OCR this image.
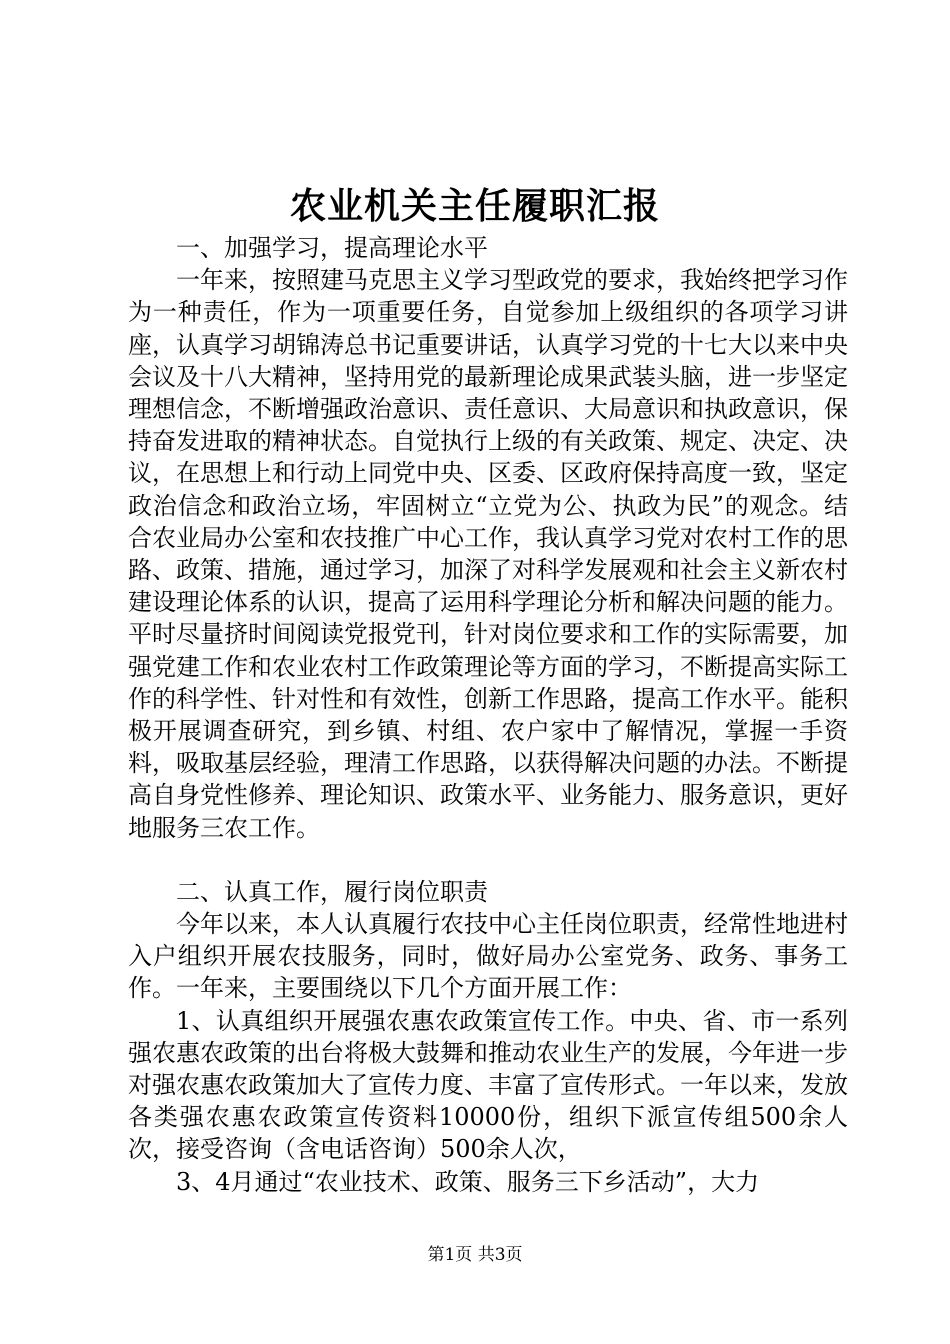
农业机关主任履职汇报

一、加强学习，提高理论水平

一年来，按照建马克思主义学习型政党的要求，我始终把学习作为一种责任，作为一项重要任务，自觉参加上级组织的各项学习讲座，认真学习胡锦涛总书记重要讲话，认真学习党的十七大以来中央会议及十八大精神，坚持用党的最新理论成果武装头脑，进一步坚定理想信念，不断增强政治意识、责任意识、大局意识和执政意识，保持奋发进取的精神状态。自觉执行上级的有关政策、规定、决定、决议，在思想上和行动上同党中央、区委、区政府保持高度一致，坚定政治信念和政治立场，牢固树立“立党为公、执政为民”的观念。结合农业局办公室和农技推广中心工作，我认真学习党对农村工作的思路、政策、措施，通过学习，加深了对科学发展观和社会主义新农村建设理论体系的认识，提高了运用科学理论分析和解决问题的能力。平时尽量挤时间阅读党报党刊，针对岗位要求和工作的实际需要，加强党建工作和农业农村工作政策理论等方面的学习，不断提高实际工作的科学性、针对性和有效性，创新工作思路，提高工作水平。能积极开展调查研究，到乡镇、村组、农户家中了解情况，掌握一手资料，吸取基层经验，理清工作思路，以获得解决问题的办法。不断提高自身党性修养、理论知识、政策水平、业务能力、服务意识，更好地服务三农工作。

二、认真工作，履行岗位职责

今年以来，本人认真履行农技中心主任岗位职责，经常性地进村入户组织开展农技服务，同时，做好局办公室党务、政务、事务工作。一年来，主要围绕以下几个方面开展工作：

1、认真组织开展强农惠农政策宣传工作。中央、省、市一系列强农惠农政策的出台将极大鼓舞和推动农业生产的发展，今年进一步对强农惠农政策加大了宣传力度、丰富了宣传形式。一年以来，发放各类强农惠农政策宣传资料10000份，组织下派宣传组500余人次，接受咨询（含电话咨询）500余人次，

3、4月通过“农业技术、政策、服务三下乡活动”，大力

第1页 共3页
